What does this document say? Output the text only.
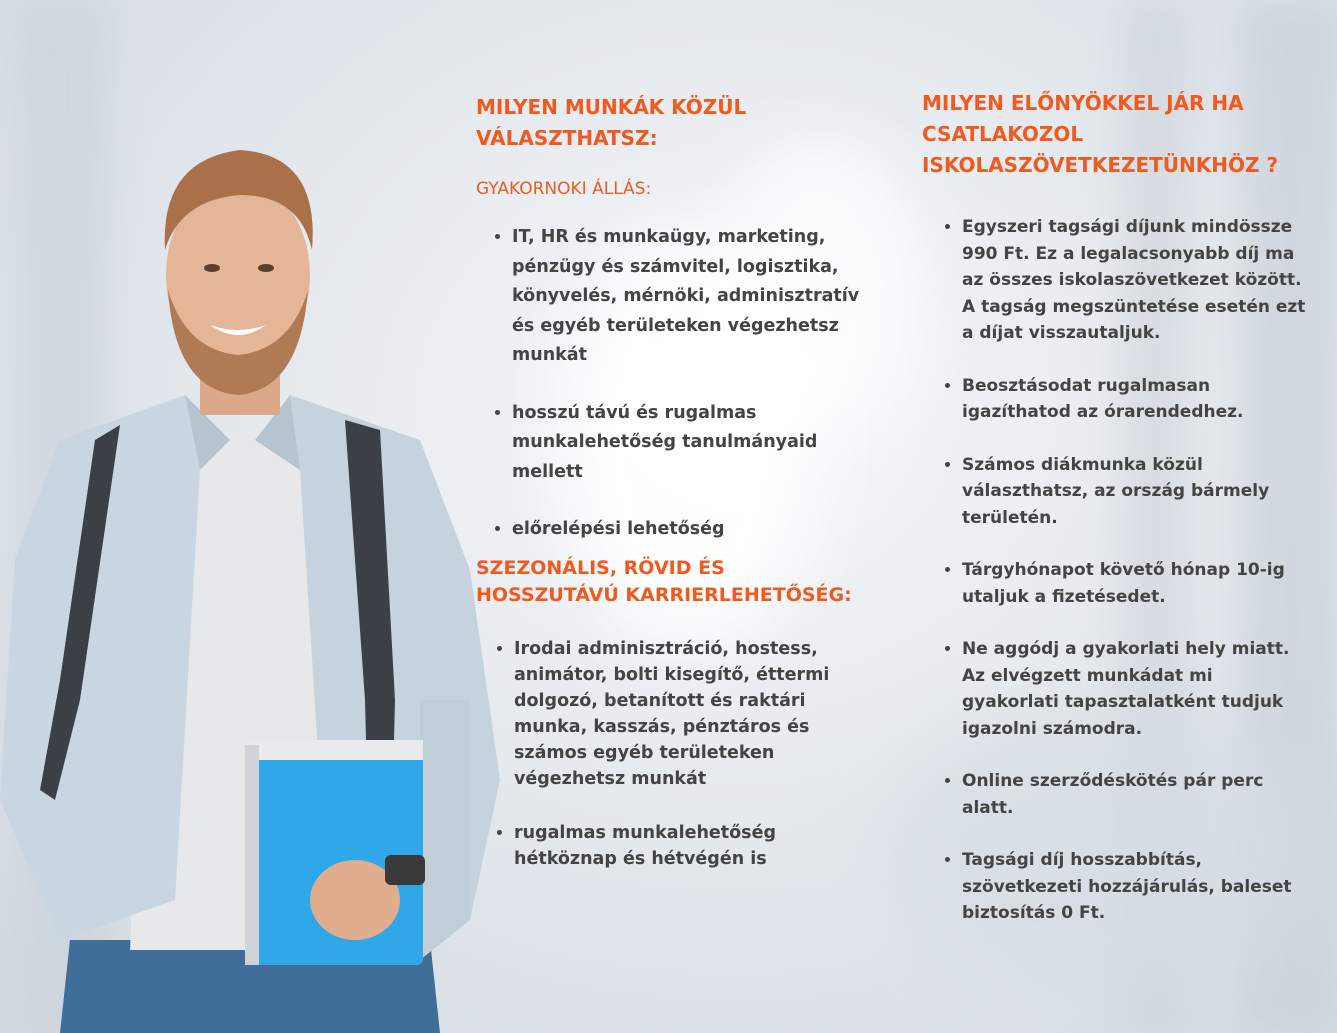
MILYEN MUNKÁK KÖZÜL VÁLASZTHATSZ:

GYAKORNOKI ÁLLÁS:

• IT, HR és munkaügy, marketing, pénzügy és számvitel, logisztika, könyvelés, mérnöki, adminisztratív és egyéb területeken végezhetsz munkát
• hosszú távú és rugalmas munkalehetőség tanulmányaid mellett
• előrelépési lehetőség
SZEZONÁLIS, RÖVID ÉS HOSSZUTÁVÚ KARRIERLEHETŐSÉG:
• Irodai adminisztráció, hostess, animátor, bolti kisegítő, éttermi dolgozó, betanított és raktári munka, kasszás, pénztáros és számos egyéb területeken végezhetsz munkát
• rugalmas munkalehetőség hétköznap és hétvégén is
MILYEN ELŐNYÖKKEL JÁR HA CSATLAKOZOL ISKOLASZÖVETKEZETÜNKHÖZ ?
• Egyszeri tagsági díjunk mindössze 990 Ft. Ez a legalacsonyabb díj ma az összes iskolaszövetkezet között. A tagság megszüntetése esetén ezt a díjat visszautaljuk.
• Beosztásodat rugalmasan igazíthatod az órarendedhez.
• Számos diákmunka közül választhatsz, az ország bármely területén.
• Tárgyhónapot követő hónap 10-ig utaljuk a fizetésedet.
• Ne aggódj a gyakorlati hely miatt. Az elvégzett munkádat mi gyakorlati tapasztalatként tudjuk igazolni számodra.
• Online szerződéskötés pár perc alatt.
• Tagsági díj hosszabbítás, szövetkezeti hozzájárulás, baleset biztosítás 0 Ft.
